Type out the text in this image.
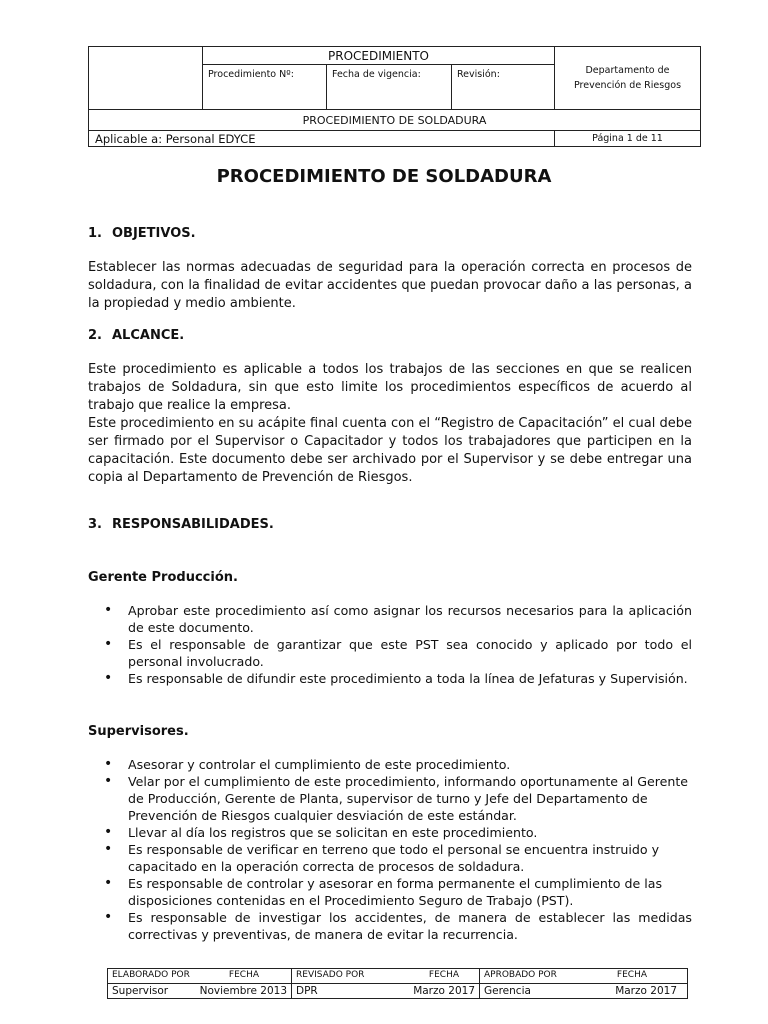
	PROCEDIMIENTO			Departamento de Prevención de Riesgos
	Procedimiento Nº:	Fecha de vigencia:	Revisión:	
PROCEDIMIENTO DE SOLDADURA				
Aplicable a: Personal EDYCE				Página 1 de 11
PROCEDIMIENTO DE SOLDADURA
1. OBJETIVOS.
Establecer las normas adecuadas de seguridad para la operación correcta en procesos de soldadura, con la finalidad de evitar accidentes que puedan provocar daño a las personas, a la propiedad y medio ambiente.
2. ALCANCE.
Este procedimiento es aplicable a todos los trabajos de las secciones en que se realicen trabajos de Soldadura, sin que esto limite los procedimientos específicos de acuerdo al trabajo que realice la empresa.
Este procedimiento en su acápite final cuenta con el “Registro de Capacitación” el cual debe ser firmado por el Supervisor o Capacitador y todos los trabajadores que participen en la capacitación. Este documento debe ser archivado por el Supervisor y se debe entregar una copia al Departamento de Prevención de Riesgos.
3. RESPONSABILIDADES.
Gerente Producción.
• Aprobar este procedimiento así como asignar los recursos necesarios para la aplicación de este documento.
• Es el responsable de garantizar que este PST sea conocido y aplicado por todo el personal involucrado.
• Es responsable de difundir este procedimiento a toda la línea de Jefaturas y Supervisión.
Supervisores.
• Asesorar y controlar el cumplimiento de este procedimiento.
• Velar por el cumplimiento de este procedimiento, informando oportunamente al Gerente de Producción, Gerente de Planta, supervisor de turno y Jefe del Departamento de Prevención de Riesgos cualquier desviación de este estándar.
• Llevar al día los registros que se solicitan en este procedimiento.
• Es responsable de verificar en terreno que todo el personal se encuentra instruido y capacitado en la operación correcta de procesos de soldadura.
• Es responsable de controlar y asesorar en forma permanente el cumplimiento de las disposiciones contenidas en el Procedimiento Seguro de Trabajo (PST).
• Es responsable de investigar los accidentes, de manera de establecer las medidas correctivas y preventivas, de manera de evitar la recurrencia.
ELABORADO POR FECHA	REVISADO POR FECHA	APROBADO POR FECHA

Supervisor Noviembre 2013	DPR Marzo 2017	Gerencia Marzo 2017
